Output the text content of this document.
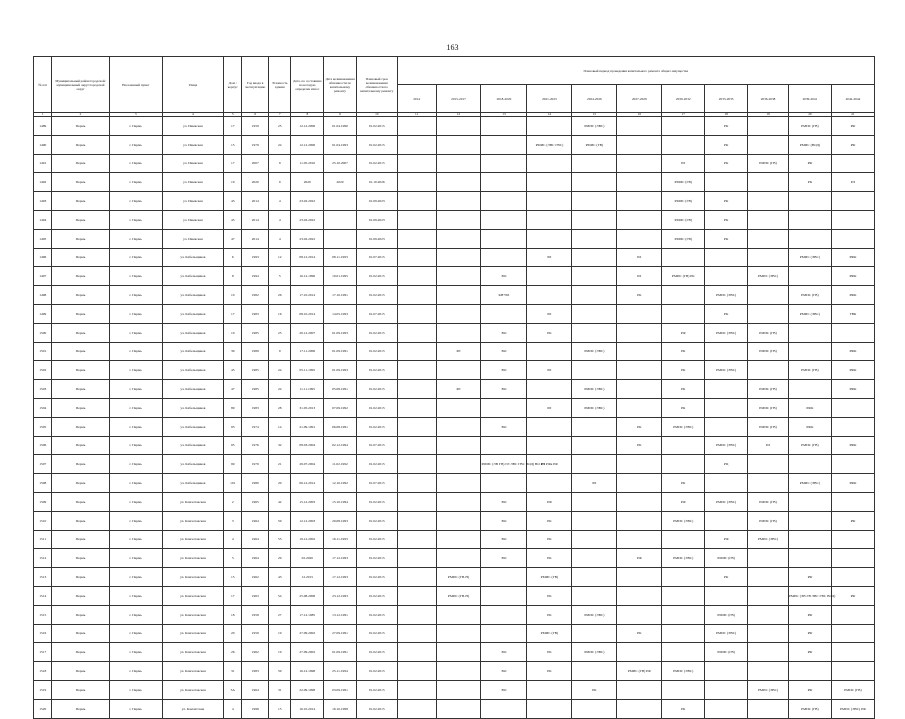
163
№ п/п	Муниципальный район/городской/муниципальный округ/городской округ	Населенный пункт	Улица	Дом / корпус	Год ввода в эксплуатацию	Этажность здания	Дата, по состоянию на которую определен износ	Дата возникновения обязанности по капитальному ремонту	Плановый срок возникновения обязанности по капитальному ремонту	Плановый период проведения капитального ремонта общего имущества										
										2014	2015-2017	2018-2020	2021-2023	2024-2026	2027-2029	2030-2032	2033-2035	2036-2038	2039-2041	2042-2044
1	2	3	4	5	6	7	8	9	10	11	12	13	14	15	16	17	18	19	20	21
1489	Пермь	г. Пермь	ул. Ижевская	17	1959	25	12.12.2006	01.04.1990	01.02.2015					РМИС (ЭВС)			РК		РМИС (ГВ)	РФ
1490	Пермь	г. Пермь	ул. Ижевская	15	1979	24	12.12.2006	01.04.1993	01.02.2015				РМИС (ЭВС ГВС)	РМИС (ГВ)			РК		РМИС (ВОД)	РФ
1491	Пермь	г. Пермь	ул. Ижевская	17	2007	9	11.05.2010	25.10.2007	01.02.2015							РЛ	РК	РМИС (ГВ)	РФ	
1492	Пермь	г. Пермь	ул. Ижевская	19	2020	9	2020	2020	01.10.2026							РМИС (ГВ)			РК	РЛ
1493	Пермь	г. Пермь	ул. Ижевская	43	2014	4	23.02.2022		01.09.2023							РМИС (ГВ)	РК			
1494	Пермь	г. Пермь	ул. Ижевская	45	2014	4	23.02.2022		01.09.2023							РМИС (ГВ)	РК			
1495	Пермь	г. Пермь	ул. Ижевская	47	2014	4	23.02.2022		01.09.2023							РМИС (ГВ)	РК			
1496	Пермь	г. Пермь	ул. Кабельщиков	6	1993	12	08.12.2014	08.11.1993	01.07.2015				РЛ		РЛ				РМИС (ЭВС)	РФК
1497	Пермь	г. Пермь	ул. Кабельщиков	8	1994	5	16.12.1996	10.01.1995	01.02.2015			ВО			РЛ	РМИС (ГВ) РК		РМИС (ЭВС)		РФК
1498	Пермь	г. Пермь	ул. Кабельщиков	10	1982	26	17.10.2014	17.10.1991	01.02.2015			КН+РЛ			РК		РМИС (ЭВС)		РМИС (ГВ)	РФК
1499	Пермь	г. Пермь	ул. Кабельщиков	17	1983	16	08.10.2014	14.05.1993	01.07.2015				РЛ				РК		РМИС (ЭВС)	ГВК
1500	Пермь	г. Пермь	ул. Кабельщиков	19	1985	25	20.12.2007	01.09.1993	01.02.2015			ВО	РК			РФ	РМИС (ЭВС)	РМИС (ГВ)		
1501	Пермь	г. Пермь	ул. Кабельщиков	39	1989	9	17.11.2006	01.09.1991	01.02.2015		РЛ	ВО		РМИС (ЭВС)		РК		РМИС (ГВ)		РФК
1502	Пермь	г. Пермь	ул. Кабельщиков	45	1985	24	05.11.1995	01.09.1993	01.02.2015			ВО	РЛ			РК	РМИС (ЭВС)		РМИС (ГВ)	РФК
1503	Пермь	г. Пермь	ул. Кабельщиков	47	1985	24	11.11.1995	05.08.1991	01.02.2015		РЛ	ВО		РМИС (ЭВС)		РК		РМИС (ГВ)		РФК
1504	Пермь	г. Пермь	ул. Кабельщиков	89	1983	28	31.05.2013	07.09.1992	01.02.2015				РЛ	РМИС (ЭВС)		РК		РМИС (ГВ)	РФК	
1505	Пермь	г. Пермь	ул. Кабельщиков	93	1974	14	21.09.1991	06.08.1991	01.02.2015			ВО			РК	РМИС (ЭВС)		РМИС (ГВ)	РФК	
1506	Пермь	г. Пермь	ул. Кабельщиков	95	1976	32	08.03.2004	02.12.1994	01.07.2015						РК		РМИС (ЭВС)	РЛ	РМИС (ГВ)	РФК
1507	Пермь	г. Пермь	ул. Кабельщиков	99	1979	21	29.07.2004	11.02.1992	01.02.2015			РМИС (ЭВ ГВ) ГЛ ЭВС ГВС ВОД) ВО РЛ	РЛ РФк РФ				РЦ			
1508	Пермь	г. Пермь	ул. Кабельщиков	101	1980	20	06.12.2014	12.10.1992	01.07.2015					РЛ		РК			РМИС (ЭВС)	РФК
1509	Пермь	г. Пермь	ул. Камчатовская	2	1965	42	15.12.2003	15.10.1994	01.02.2015			ВО	РФ			РФ	РМИС (ЭВС)	РМИС (ГВ)		
1510	Пермь	г. Пермь	ул. Камчатовская	3	1964	59	12.12.2003	20.08.1993	01.02.2015			ВО	РК			РМИС (ЭВС)		РМИС (ГВ)		РФ
1511	Пермь	г. Пермь	ул. Камчатовская	4	1964	55	19.12.2002	16.11.1993	01.02.2015			ВО	РК				РФ	РМИС (ЭВС)		
1512	Пермь	г. Пермь	ул. Камчатовская	5	1964	29	02.2020	17.12.1993	01.02.2015			ВО	РК		РФ	РМИС (ЭВС)	РМИС (ГВ)			
1513	Пермь	г. Пермь	ул. Камчатовская	15	1962	43	12.2015	17.12.1993	01.02.2015		РМИС (ГВ-Н)		РМИС (ГВ)				РК		РФ	
1514	Пермь	г. Пермь	ул. Камчатовская	17	1963	54	25.08.2008	23.12.1993	01.02.2015		РМИС (ГВ-Н)		РК						РМИС (ЭВ ГВ ЭВС ГВС ВОД)	РФ
1515	Пермь	г. Пермь	ул. Камчатовская	18	1958	27	17.12.1985	13.12.1991	01.02.2015				РК	РМИС (ЭВС)			РМИС (ГВ)		РФ	
1516	Пермь	г. Пермь	ул. Камчатовская	20	1959	19	27.09.2002	27.09.1991	01.02.2015				РМИС (ГВ)		РК		РМИС (ЭВС)		РФ	
1517	Пермь	г. Пермь	ул. Камчатовская	26	1962	19	27.09.2002	01.09.1991	01.02.2015			ВО	РК	РМИС (ЭВС)			РМИС (ГВ)		РФ	
1518	Пермь	г. Пермь	ул. Камчатовская	31	1983	59	16.12.1998	25.11.1994	01.02.2015			ВО	РК		РМИС (ГВ) РФ	РМИС (ЭВС)				
1519	Пермь	г. Пермь	ул. Камчатовская	3А	1964	31	22.09.1998	03.09.1991	01.02.2015			ВО		РК				РМИС (ЭВС)	РФ	РМИС (ГВ)
1520	Пермь	г. Пермь	ул. Камчатская	4	1998	15	16.10.2014	16.10.1998	01.02.2015							РК			РМИС (ГВ)	РМИС (ЭВС) РФ
